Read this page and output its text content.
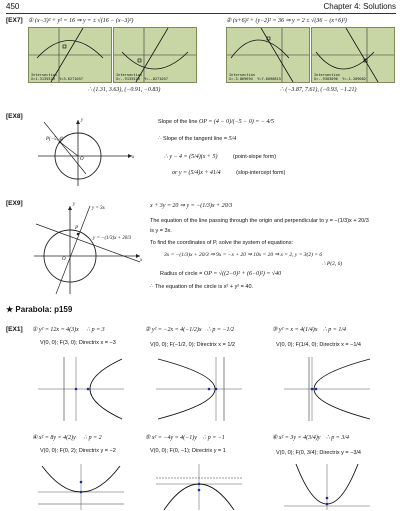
450	Chapter 4: Solutions
[EX7] ① (x−3)² + y² = 16 ⇒ y = ± √(16 − (x−3)²)	② (x+6)² + (y−2)² = 36 ⇒ y = 2 ± √(36 − (x+6)²)
Intersection
X=1.3135529  Y=3.6271057
Intersection
X=-.9135529  Y=-.8271057
Intersection
X=-3.869694  Y=7.6090815
Intersection
X=-.9303096  Y=-1.209082
∴ (1.31, 3.63), (−0.91, −0.83)	∴ (−3.87, 7.61), (−0.93, −1.21)
[EX8]
P(−5, 4)
O	x
y	Slope of the line OP = (4 − 0)/(−5 − 0) = − 4/5
∴ Slope of the tangent line = 5/4
∴ y − 4 = (5/4)(x + 5)	(point-slope form)
or y = (5/4)x + 41/4	(slop-intercept form)
[EX9]
y = 3x
y = −(1/3)x + 20/3
P
O	x
y	x + 3y = 20 ⇒ y = −(1/3)x + 20/3
The equation of the line passing through the origin and perpendicular to y = −(1/3)x + 20/3
is y = 3x.
To find the coordinates of P, solve the system of equations:
3x = −(1/3)x + 20/3 ⇒ 9x = −x + 20 ⇒ 10x = 20 ⇒ x = 2, y = 3(2) = 6
∴ P(2, 6)
Radius of circle = OP = √((2−0)² + (6−0)²) = √40
∴ The equation of the circle is x² + y² = 40.
★ Parabola: p159
[EX1] ① y² = 12x = 4(3)x ∴ p = 3
V(0, 0); F(3, 0); Directrix x = −3
② y² = −2x = 4(−1/2)x ∴ p = −1/2
V(0, 0); F(−1/2, 0); Directrix x = 1/2
③ y² = x = 4(1/4)x ∴ p = 1/4
V(0, 0); F(1/4, 0); Directrix x = −1/4
④ x² = 8y = 4(2)y ∴ p = 2
V(0, 0); F(0, 2); Directrix y = −2
⑤ x² = −4y = 4(−1)y ∴ p = −1
V(0, 0); F(0, −1); Directrix y = 1
⑥ x² = 3y = 4(3/4)y ∴ p = 3/4
V(0, 0); F(0, 3/4); Directrix y = −3/4
